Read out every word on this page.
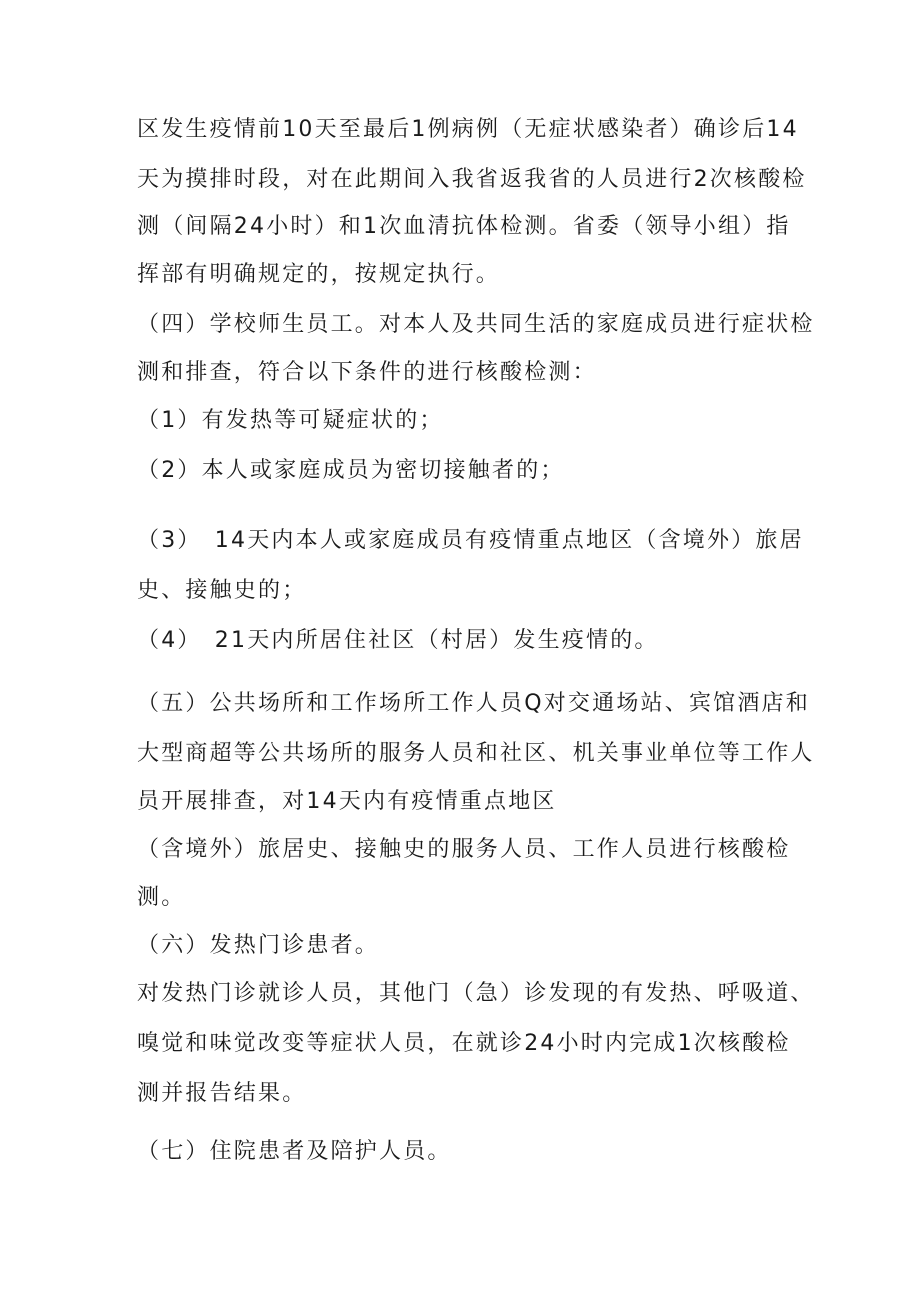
区发生疫情前10天至最后1例病例（无症状感染者）确诊后14

天为摸排时段，对在此期间入我省返我省的人员进行2次核酸检

测（间隔24小时）和1次血清抗体检测。省委（领导小组）指

挥部有明确规定的，按规定执行。

（四）学校师生员工。对本人及共同生活的家庭成员进行症状检

测和排查，符合以下条件的进行核酸检测：

（1）有发热等可疑症状的；

（2）本人或家庭成员为密切接触者的；

（3）　14天内本人或家庭成员有疫情重点地区（含境外）旅居

史、接触史的；

（4）　21天内所居住社区（村居）发生疫情的。

（五）公共场所和工作场所工作人员Q对交通场站、宾馆酒店和

大型商超等公共场所的服务人员和社区、机关事业单位等工作人

员开展排查，对14天内有疫情重点地区

（含境外）旅居史、接触史的服务人员、工作人员进行核酸检

测。

（六）发热门诊患者。

对发热门诊就诊人员，其他门（急）诊发现的有发热、呼吸道、

嗅觉和味觉改变等症状人员，在就诊24小时内完成1次核酸检

测并报告结果。

（七）住院患者及陪护人员。
